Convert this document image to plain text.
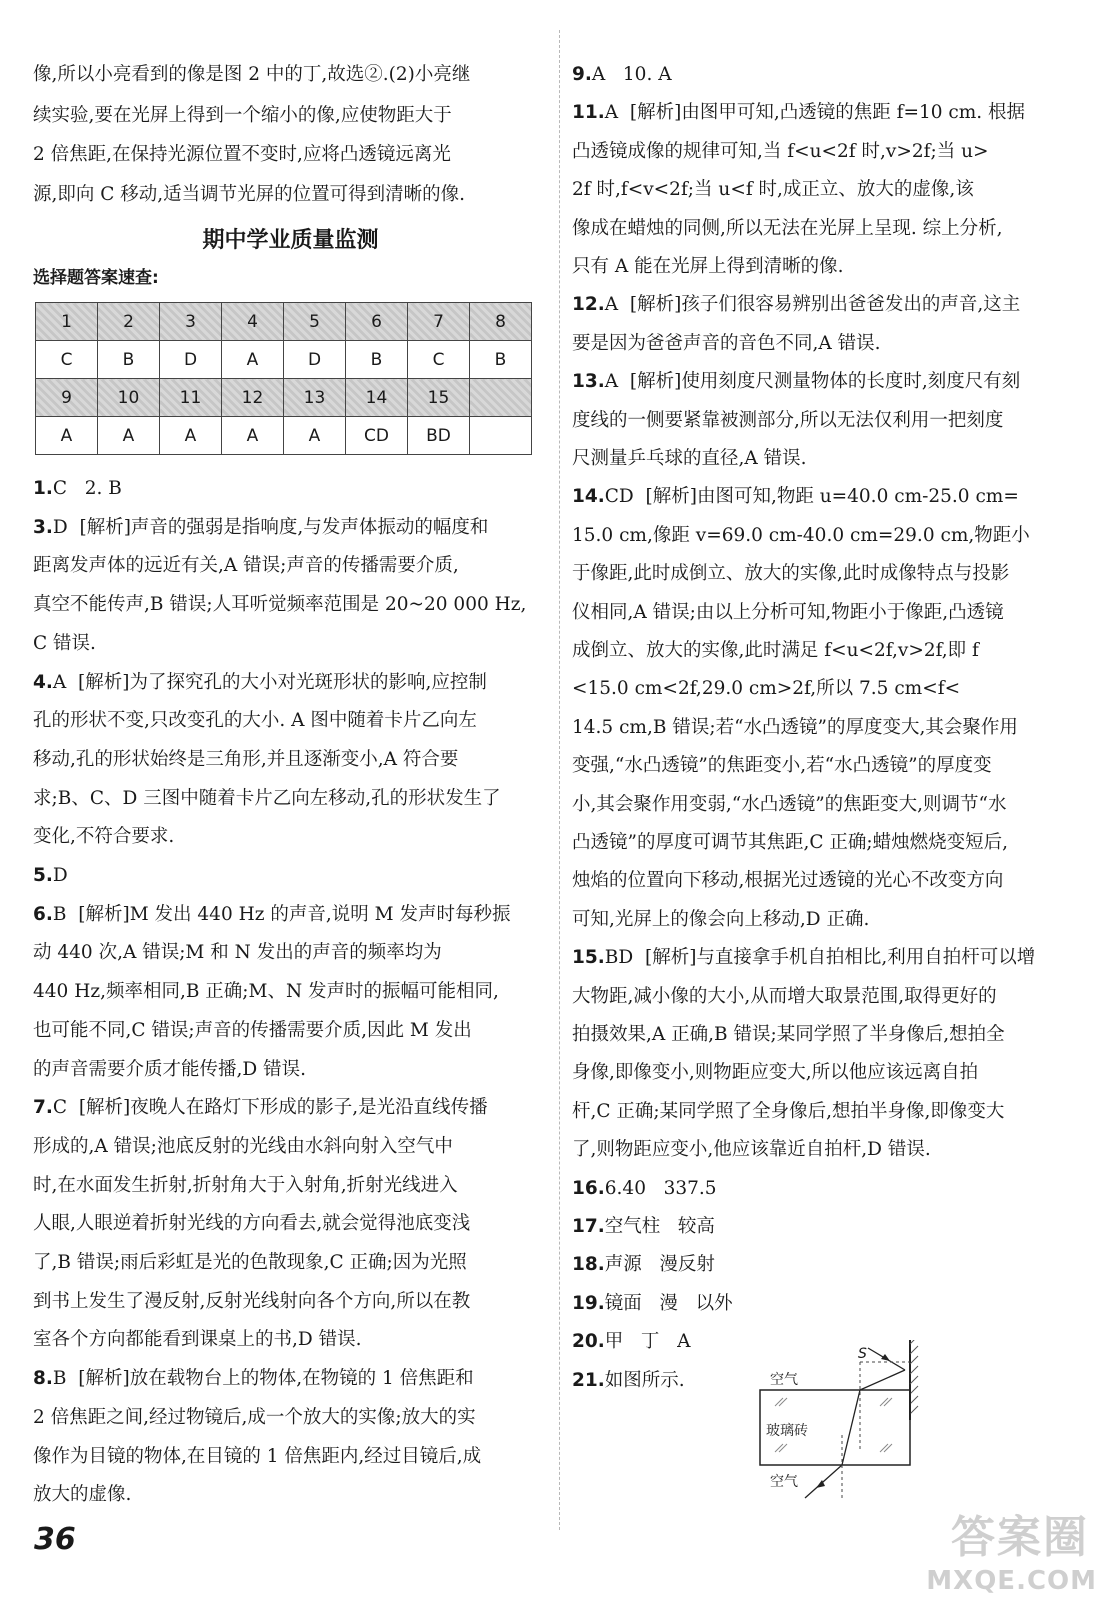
像,所以小亮看到的像是图 2 中的丁,故选②.(2)小亮继
续实验,要在光屏上得到一个缩小的像,应使物距大于
2 倍焦距,在保持光源位置不变时,应将凸透镜远离光
源,即向 C 移动,适当调节光屏的位置可得到清晰的像.
期中学业质量监测
选择题答案速查:
1	2	3	4	5	6	7	8
C	B	D	A	D	B	C	B
9	10	11	12	13	14	15	
A	A	A	A	A	CD	BD	
1.C   2. B
3.D  [解析]声音的强弱是指响度,与发声体振动的幅度和
距离发声体的远近有关,A 错误;声音的传播需要介质,
真空不能传声,B 错误;人耳听觉频率范围是 20~20 000 Hz,
C 错误.
4.A  [解析]为了探究孔的大小对光斑形状的影响,应控制
孔的形状不变,只改变孔的大小. A 图中随着卡片乙向左
移动,孔的形状始终是三角形,并且逐渐变小,A 符合要
求;B、C、D 三图中随着卡片乙向左移动,孔的形状发生了
变化,不符合要求.
5.D
6.B  [解析]M 发出 440 Hz 的声音,说明 M 发声时每秒振
动 440 次,A 错误;M 和 N 发出的声音的频率均为
440 Hz,频率相同,B 正确;M、N 发声时的振幅可能相同,
也可能不同,C 错误;声音的传播需要介质,因此 M 发出
的声音需要介质才能传播,D 错误.
7.C  [解析]夜晚人在路灯下形成的影子,是光沿直线传播
形成的,A 错误;池底反射的光线由水斜向射入空气中
时,在水面发生折射,折射角大于入射角,折射光线进入
人眼,人眼逆着折射光线的方向看去,就会觉得池底变浅
了,B 错误;雨后彩虹是光的色散现象,C 正确;因为光照
到书上发生了漫反射,反射光线射向各个方向,所以在教
室各个方向都能看到课桌上的书,D 错误.
8.B  [解析]放在载物台上的物体,在物镜的 1 倍焦距和
2 倍焦距之间,经过物镜后,成一个放大的实像;放大的实
像作为目镜的物体,在目镜的 1 倍焦距内,经过目镜后,成
放大的虚像.
9.A   10. A
11.A  [解析]由图甲可知,凸透镜的焦距 f=10 cm. 根据
凸透镜成像的规律可知,当 f<u<2f 时,v>2f;当 u>
2f 时,f<v<2f;当 u<f 时,成正立、放大的虚像,该
像成在蜡烛的同侧,所以无法在光屏上呈现. 综上分析,
只有 A 能在光屏上得到清晰的像.
12.A  [解析]孩子们很容易辨别出爸爸发出的声音,这主
要是因为爸爸声音的音色不同,A 错误.
13.A  [解析]使用刻度尺测量物体的长度时,刻度尺有刻
度线的一侧要紧靠被测部分,所以无法仅利用一把刻度
尺测量乒乓球的直径,A 错误.
14.CD  [解析]由图可知,物距 u=40.0 cm-25.0 cm=
15.0 cm,像距 v=69.0 cm-40.0 cm=29.0 cm,物距小
于像距,此时成倒立、放大的实像,此时成像特点与投影
仪相同,A 错误;由以上分析可知,物距小于像距,凸透镜
成倒立、放大的实像,此时满足 f<u<2f,v>2f,即 f
<15.0 cm<2f,29.0 cm>2f,所以 7.5 cm<f<
14.5 cm,B 错误;若“水凸透镜”的厚度变大,其会聚作用
变强,“水凸透镜”的焦距变小,若“水凸透镜”的厚度变
小,其会聚作用变弱,“水凸透镜”的焦距变大,则调节“水
凸透镜”的厚度可调节其焦距,C 正确;蜡烛燃烧变短后,
烛焰的位置向下移动,根据光过透镜的光心不改变方向
可知,光屏上的像会向上移动,D 正确.
15.BD  [解析]与直接拿手机自拍相比,利用自拍杆可以增
大物距,减小像的大小,从而增大取景范围,取得更好的
拍摄效果,A 正确,B 错误;某同学照了半身像后,想拍全
身像,即像变小,则物距应变大,所以他应该远离自拍
杆,C 正确;某同学照了全身像后,想拍半身像,即像变大
了,则物距应变小,他应该靠近自拍杆,D 错误.
16.6.40   337.5
17.空气柱   较高
18.声源   漫反射
19.镜面   漫   以外
20.甲   丁   A
21.如图所示.
S
空气
玻璃砖
空气
36	答案圈
MXQE.COM
